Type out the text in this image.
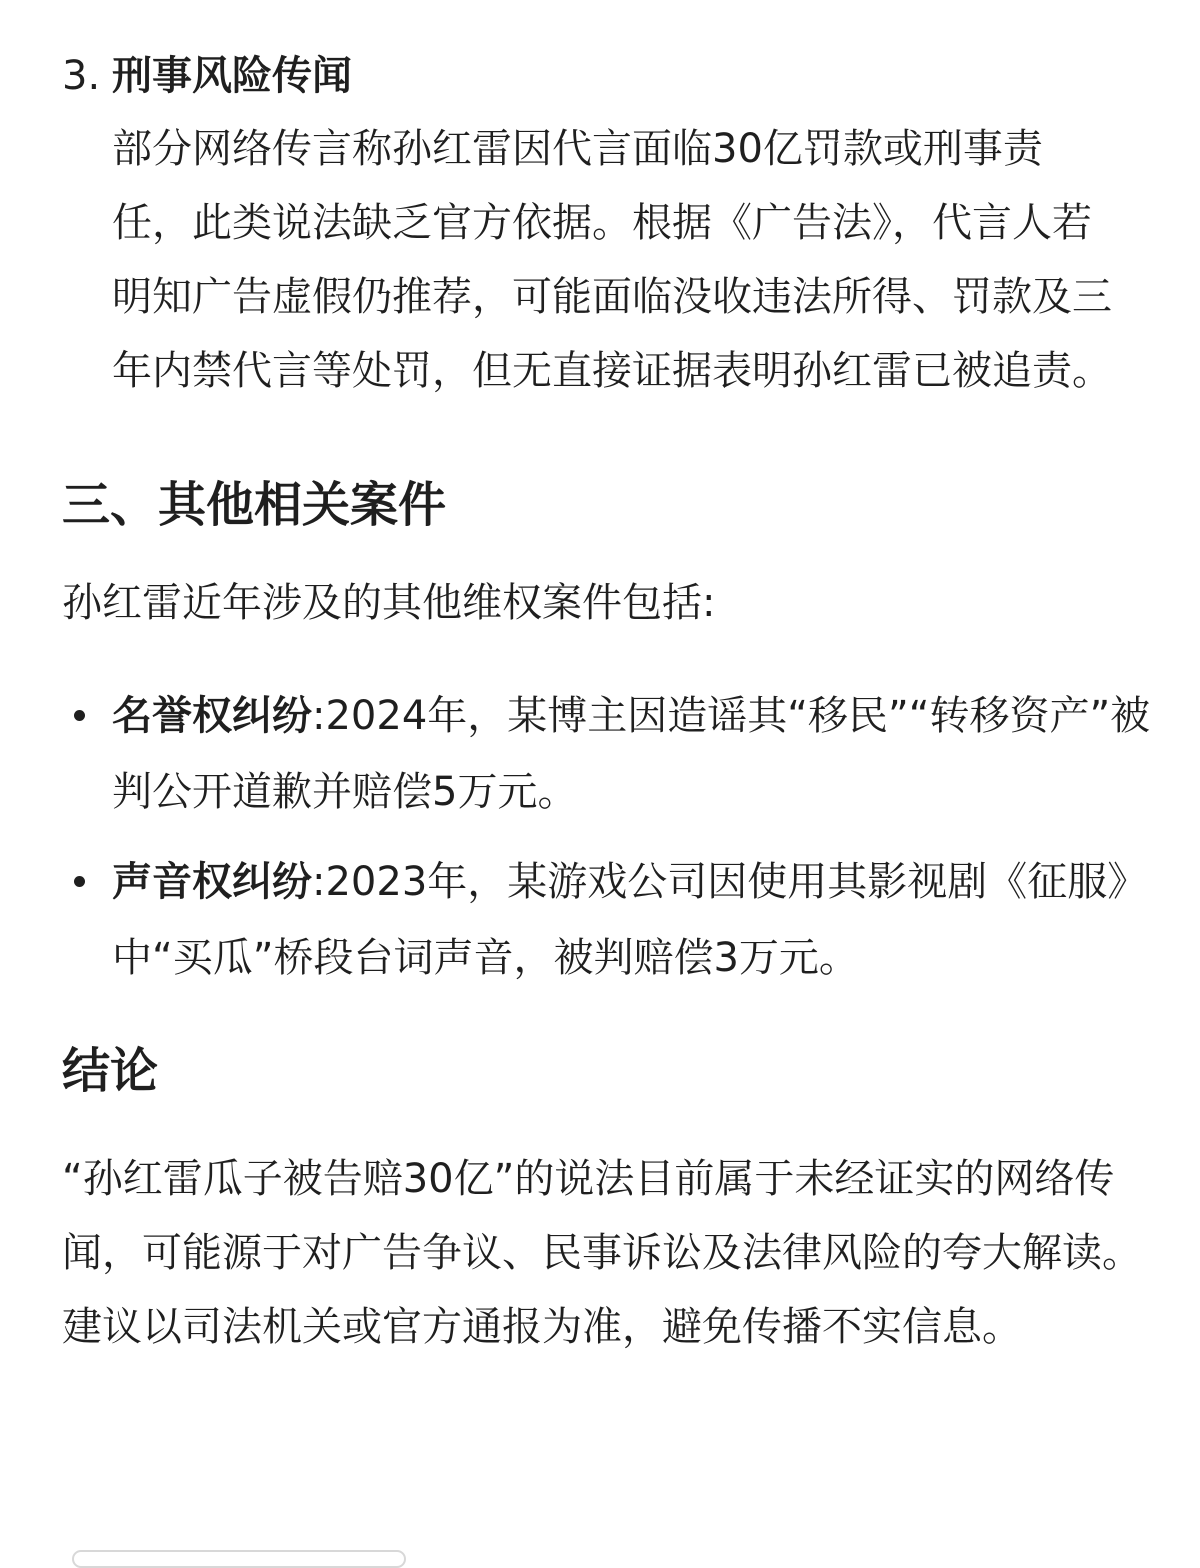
3. 刑事风险传闻
部分网络传言称孙红雷因代言面临30亿罚款或刑事责任，此类说法缺乏官方依据。根据《广告法》，代言人若明知广告虚假仍推荐，可能面临没收违法所得、罚款及三年内禁代言等处罚，但无直接证据表明孙红雷已被追责。
三、其他相关案件
孙红雷近年涉及的其他维权案件包括:
名誉权纠纷:2024年，某博主因造谣其“移民”“转移资产”被判公开道歉并赔偿5万元。
声音权纠纷:2023年，某游戏公司因使用其影视剧《征服》中“买瓜”桥段台词声音，被判赔偿3万元。
结论
“孙红雷瓜子被告赔30亿”的说法目前属于未经证实的网络传闻，可能源于对广告争议、民事诉讼及法律风险的夸大解读。建议以司法机关或官方通报为准，避免传播不实信息。
